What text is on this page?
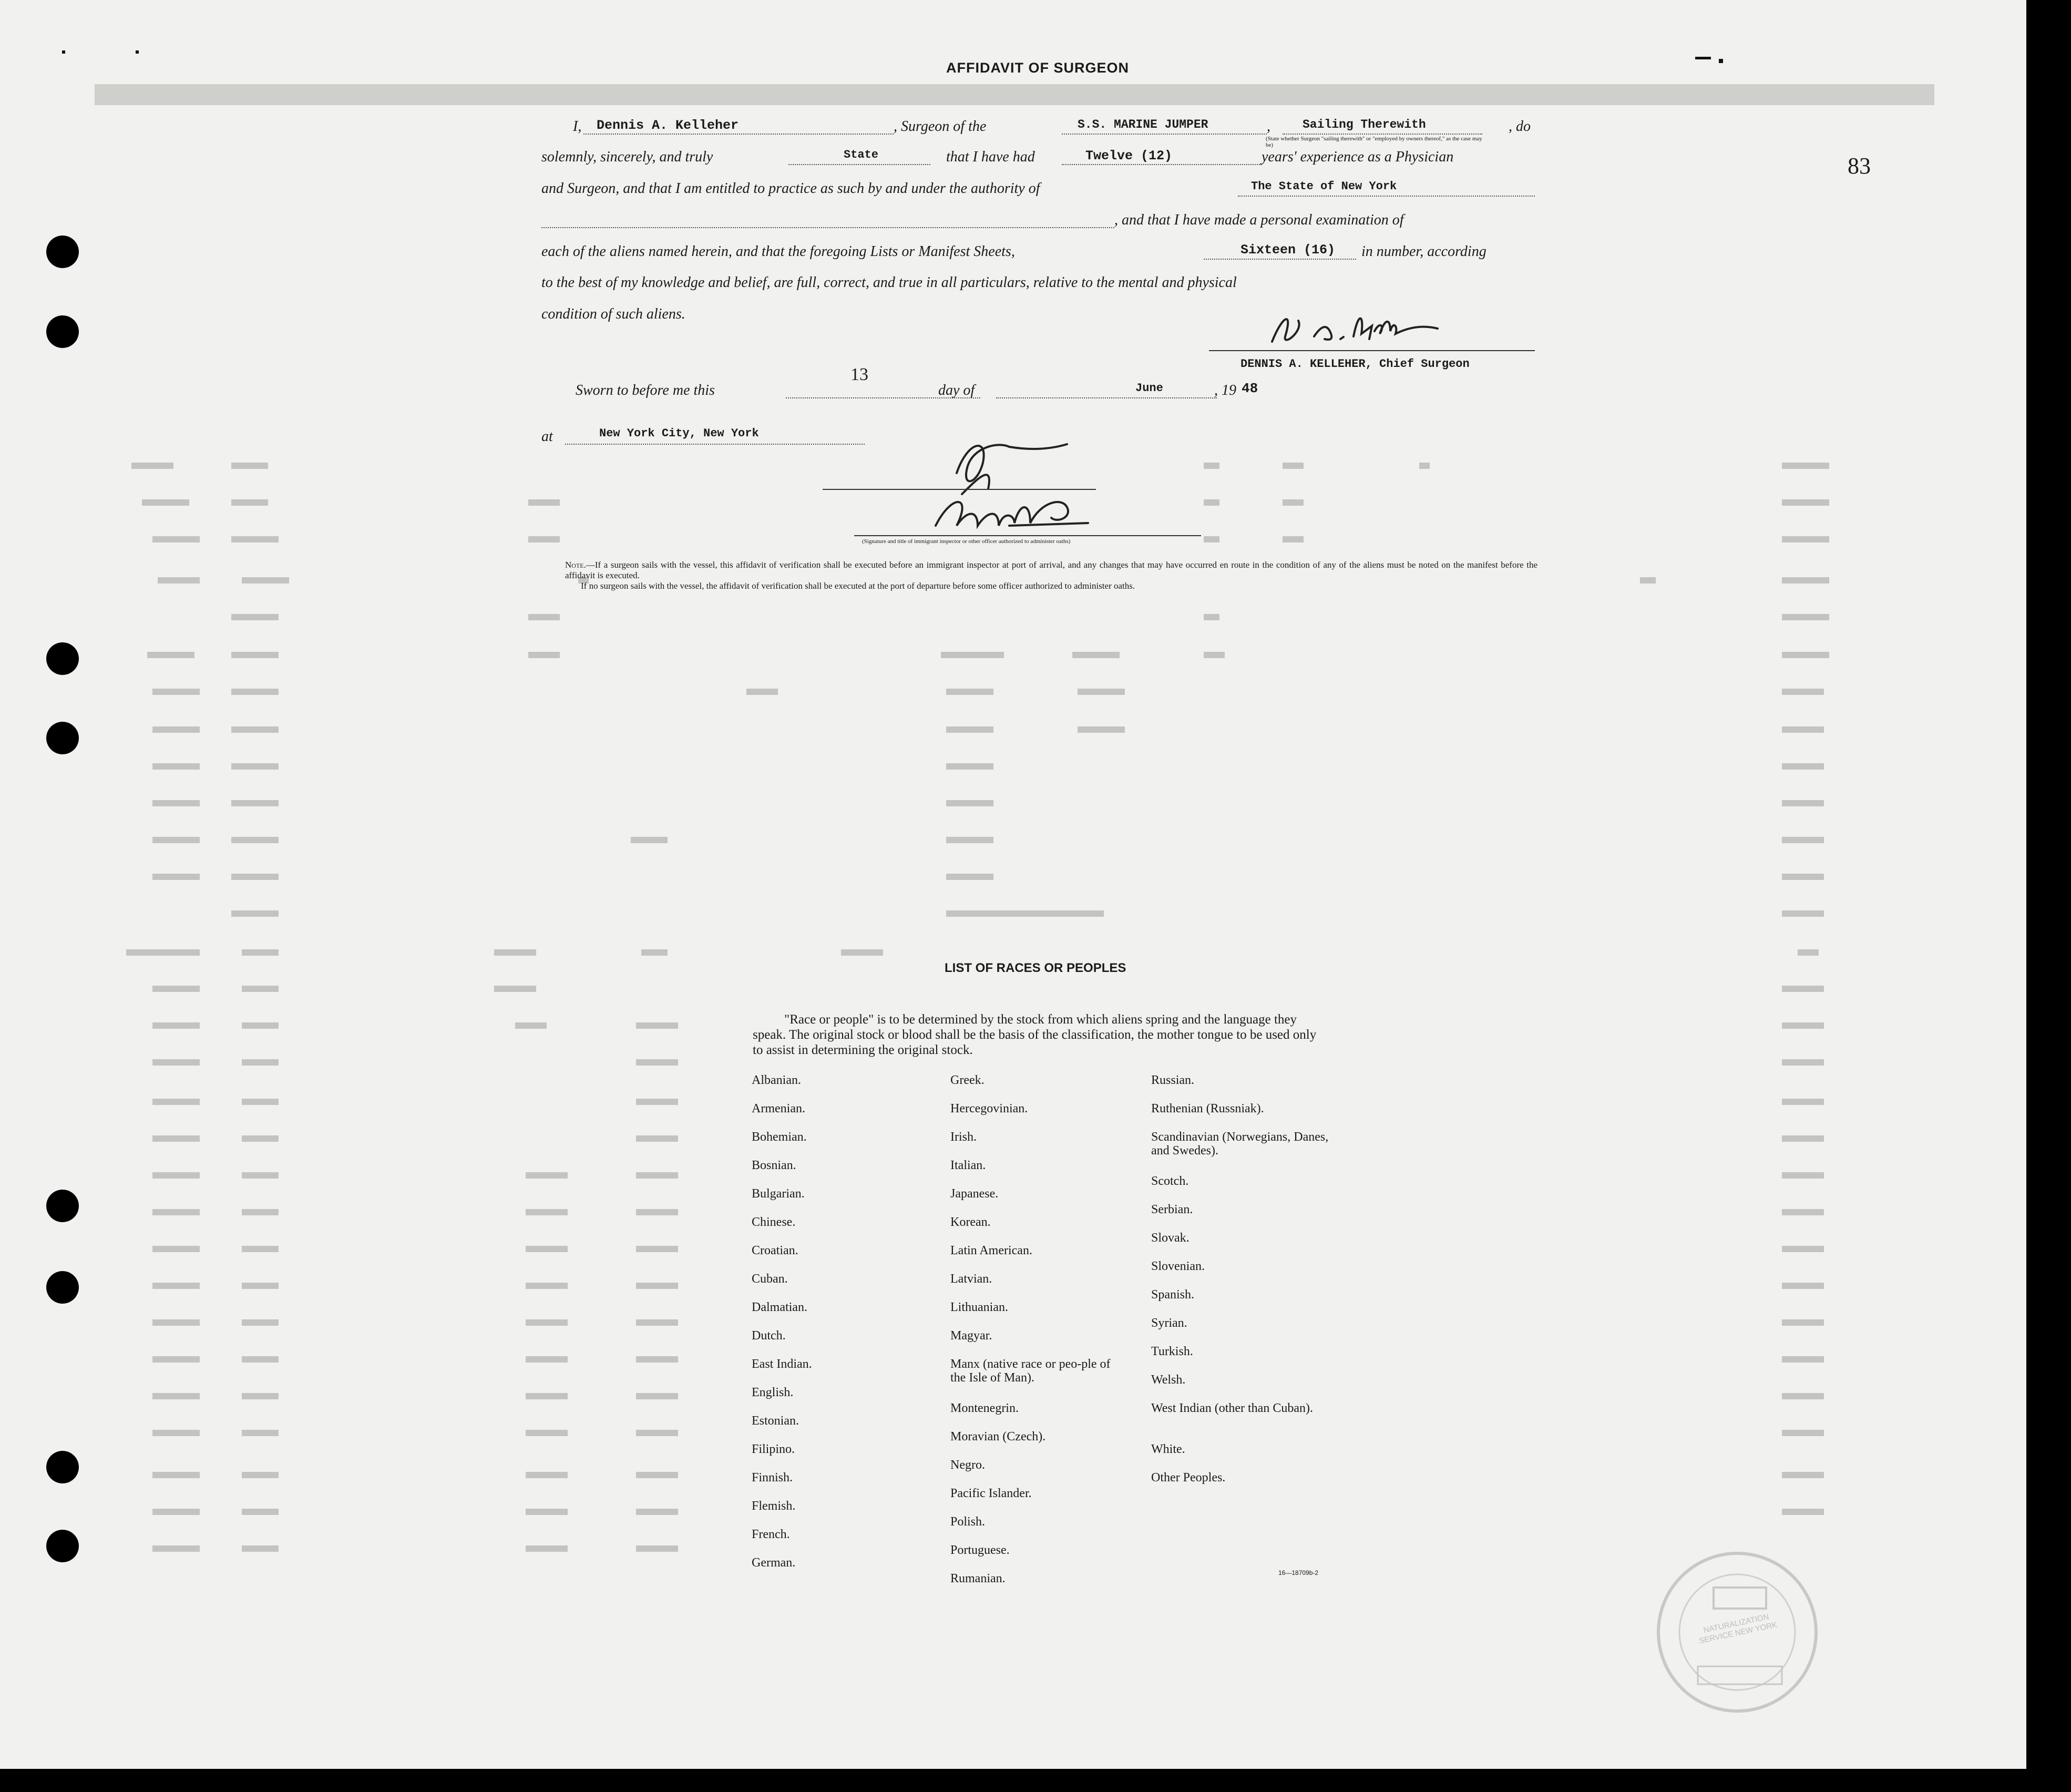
AFFIDAVIT OF SURGEON
83
I, Dennis A. Kelleher	, Surgeon of the	S.S. MARINE JUMPER	,	Sailing Therewith	, do
(State whether Surgeon "sailing therewith" or "employed by owners thereof," as the case may be)
solemnly, sincerely, and truly	State	that I have had	Twelve (12)	years' experience as a Physician
and Surgeon, and that I am entitled to practice as such by and under the authority of	The State of New York
, and that I have made a personal examination of
each of the aliens named herein, and that the foregoing Lists or Manifest Sheets,	Sixteen (16) in number, according
to the best of my knowledge and belief, are full, correct, and true in all particulars, relative to the mental and physical
condition of such aliens.
DENNIS A. KELLEHER, Chief Surgeon
Sworn to before me this
13
day of	June	, 19 48
at	New York City, New York
(Signature and title of immigrant inspector or other officer authorized to administer oaths)
Note.—If a surgeon sails with the vessel, this affidavit of verification shall be executed before an immigrant inspector at port of arrival, and any changes that may have occurred en route in the condition of any of the aliens must be noted on the manifest before the affidavit is executed.
If no surgeon sails with the vessel, the affidavit of verification shall be executed at the port of departure before some officer authorized to administer oaths.
LIST OF RACES OR PEOPLES
"Race or people" is to be determined by the stock from which aliens spring and the language they speak. The original stock or blood shall be the basis of the classification, the mother tongue to be used only to assist in determining the original stock.
Albanian.
Armenian.
Bohemian.
Bosnian.
Bulgarian.
Chinese.
Croatian.
Cuban.
Dalmatian.
Dutch.
East Indian.
English.
Estonian.
Filipino.
Finnish.
Flemish.
French.
German.
Greek.
Hercegovinian.
Irish.
Italian.
Japanese.
Korean.
Latin American.
Latvian.
Lithuanian.
Magyar.
Manx (native race or peo-ple of the Isle of Man).
Montenegrin.
Moravian (Czech).
Negro.
Pacific Islander.
Polish.
Portuguese.
Rumanian.
Russian.
Ruthenian (Russniak).
Scandinavian (Norwegians, Danes, and Swedes).
Scotch.
Serbian.
Slovak.
Slovenian.
Spanish.
Syrian.
Turkish.
Welsh.
West Indian (other than Cuban).
White.
Other Peoples.
16—18709b-2
NATURALIZATION SERVICE NEW YORK
